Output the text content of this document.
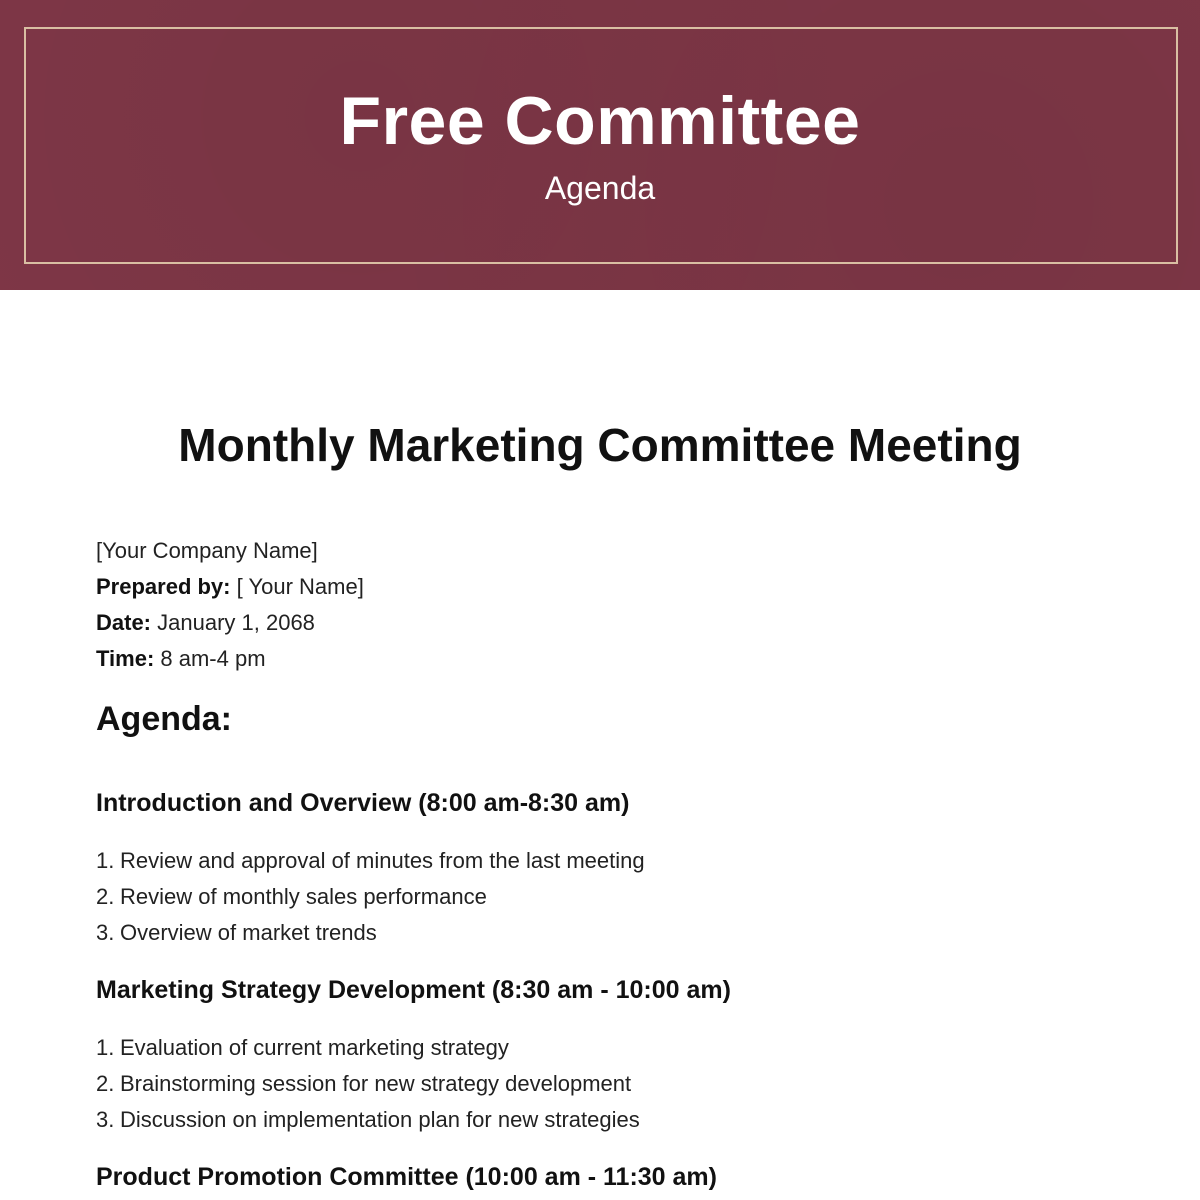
Free Committee
Agenda
Monthly Marketing Committee Meeting
[Your Company Name]
Prepared by: [ Your Name]
Date: January 1, 2068
Time: 8 am-4 pm
Agenda:
Introduction and Overview (8:00 am-8:30 am)
1. Review and approval of minutes from the last meeting
2. Review of monthly sales performance
3. Overview of market trends
Marketing Strategy Development (8:30 am - 10:00 am)
1. Evaluation of current marketing strategy
2. Brainstorming session for new strategy development
3. Discussion on implementation plan for new strategies
Product Promotion Committee (10:00 am - 11:30 am)
